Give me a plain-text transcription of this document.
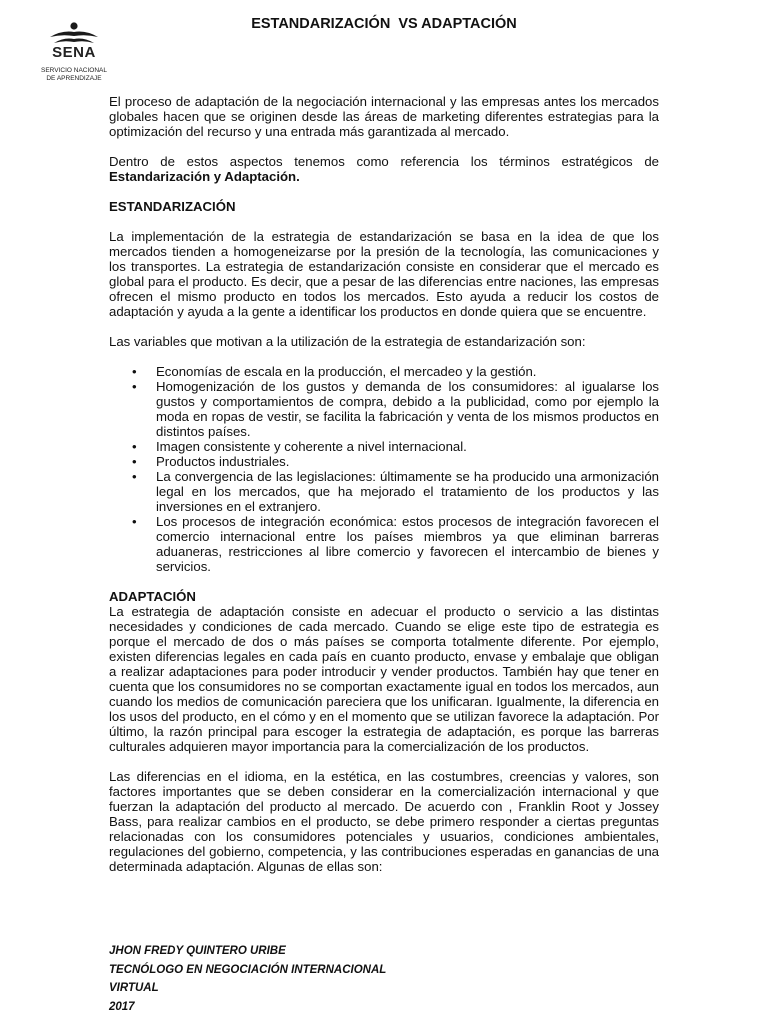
SENA
SERVICIO NACIONAL
DE APRENDIZAJE
ESTANDARIZACIÓN  VS ADAPTACIÓN

El proceso de adaptación de la negociación internacional y las empresas antes los mercados globales hacen que se originen desde las áreas de marketing diferentes estrategias para la optimización del recurso y una entrada más garantizada al mercado.

Dentro de estos aspectos tenemos como referencia los términos estratégicos de Estandarización y Adaptación.

ESTANDARIZACIÓN

La implementación de la estrategia de estandarización se basa en la idea de que los mercados tienden a homogeneizarse por la presión de la tecnología, las comunicaciones y los transportes. La estrategia de estandarización consiste en considerar que el mercado es global para el producto. Es decir, que a pesar de las diferencias entre naciones, las empresas ofrecen el mismo producto en todos los mercados. Esto ayuda a reducir los costos de adaptación y ayuda a la gente a identificar los productos en donde quiera que se encuentre.

Las variables que motivan a la utilización de la estrategia de estandarización son:

• Economías de escala en la producción, el mercadeo y la gestión.
• Homogenización de los gustos y demanda de los consumidores: al igualarse los gustos y comportamientos de compra, debido a la publicidad, como por ejemplo la moda en ropas de vestir, se facilita la fabricación y venta de los mismos productos en distintos países.
• Imagen consistente y coherente a nivel internacional.
• Productos industriales.
• La convergencia de las legislaciones: últimamente se ha producido una armonización legal en los mercados, que ha mejorado el tratamiento de los productos y las inversiones en el extranjero.
• Los procesos de integración económica: estos procesos de integración favorecen el comercio internacional entre los países miembros ya que eliminan barreras aduaneras, restricciones al libre comercio y favorecen el intercambio de bienes y servicios.

ADAPTACIÓN

La estrategia de adaptación consiste en adecuar el producto o servicio a las distintas necesidades y condiciones de cada mercado. Cuando se elige este tipo de estrategia es porque el mercado de dos o más países se comporta totalmente diferente. Por ejemplo, existen diferencias legales en cada país en cuanto producto, envase y embalaje que obligan a realizar adaptaciones para poder introducir y vender productos. También hay que tener en cuenta que los consumidores no se comportan exactamente igual en todos los mercados, aun cuando los medios de comunicación pareciera que los unificaran. Igualmente, la diferencia en los usos del producto, en el cómo y en el momento que se utilizan favorece la adaptación. Por último, la razón principal para escoger la estrategia de adaptación, es porque las barreras culturales adquieren mayor importancia para la comercialización de los productos.

Las diferencias en el idioma, en la estética, en las costumbres, creencias y valores, son factores importantes que se deben considerar en la comercialización internacional y que fuerzan la adaptación del producto al mercado. De acuerdo con , Franklin Root y Jossey Bass, para realizar cambios en el producto, se debe primero responder a ciertas preguntas relacionadas con los consumidores potenciales y usuarios, condiciones ambientales, regulaciones del gobierno, competencia, y las contribuciones esperadas en ganancias de una determinada adaptación. Algunas de ellas son:

JHON FREDY QUINTERO URIBE
TECNÓLOGO EN NEGOCIACIÓN INTERNACIONAL
VIRTUAL
2017
